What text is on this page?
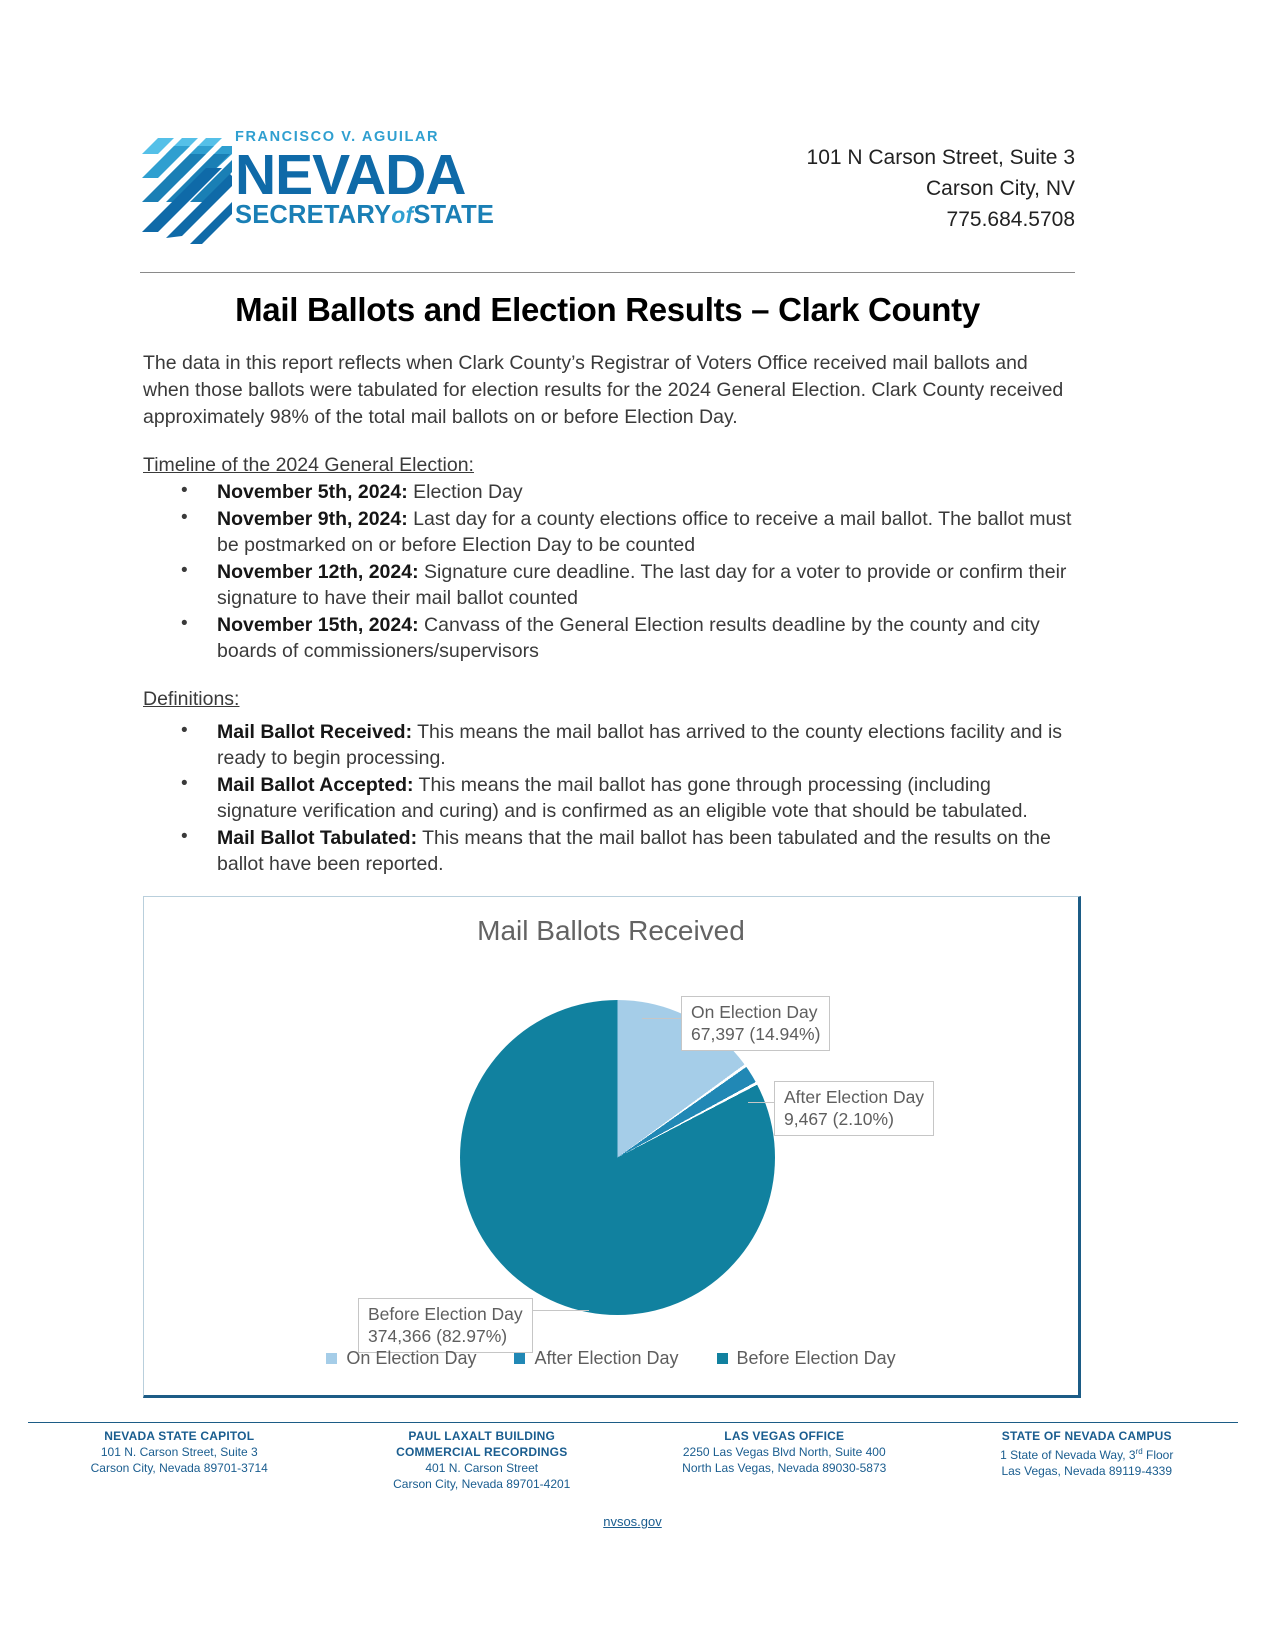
FRANCISCO V. AGUILAR
NEVADA
SECRETARYofSTATE
101 N Carson Street, Suite 3
Carson City, NV
775.684.5708
Mail Ballots and Election Results – Clark County

The data in this report reflects when Clark County’s Registrar of Voters Office received mail ballots and when those ballots were tabulated for election results for the 2024 General Election. Clark County received approximately 98% of the total mail ballots on or before Election Day.

Timeline of the 2024 General Election:
• November 5th, 2024: Election Day
• November 9th, 2024: Last day for a county elections office to receive a mail ballot. The ballot must be postmarked on or before Election Day to be counted
• November 12th, 2024: Signature cure deadline. The last day for a voter to provide or confirm their signature to have their mail ballot counted
• November 15th, 2024: Canvass of the General Election results deadline by the county and city boards of commissioners/supervisors
Definitions:
• Mail Ballot Received: This means the mail ballot has arrived to the county elections facility and is ready to begin processing.
• Mail Ballot Accepted: This means the mail ballot has gone through processing (including signature verification and curing) and is confirmed as an eligible vote that should be tabulated.
• Mail Ballot Tabulated: This means that the mail ballot has been tabulated and the results on the ballot have been reported.
Mail Ballots Received
On Election Day
67,397 (14.94%)
After Election Day
9,467 (2.10%)
Before Election Day
374,366 (82.97%)
On Election Day	After Election Day	Before Election Day
NEVADA STATE CAPITOL
101 N. Carson Street, Suite 3
Carson City, Nevada 89701-3714
PAUL LAXALT BUILDING
COMMERCIAL RECORDINGS
401 N. Carson Street
Carson City, Nevada 89701-4201
LAS VEGAS OFFICE
2250 Las Vegas Blvd North, Suite 400
North Las Vegas, Nevada 89030-5873
STATE OF NEVADA CAMPUS
1 State of Nevada Way, 3rd Floor
Las Vegas, Nevada 89119-4339
nvsos.gov
